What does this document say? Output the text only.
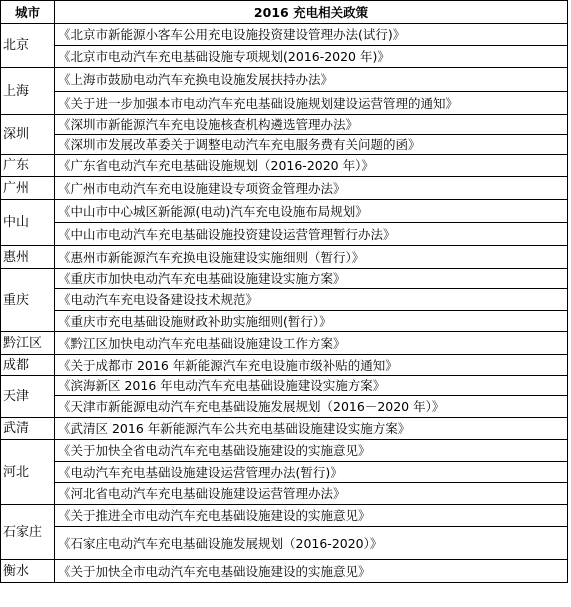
城市	2016 充电相关政策
北京	《北京市新能源小客车公用充电设施投资建设管理办法(试行)》
	《北京市电动汽车充电基础设施专项规划(2016-2020 年)》
上海	《上海市鼓励电动汽车充换电设施发展扶持办法》
	《关于进一步加强本市电动汽车充电基础设施规划建设运营管理的通知》
深圳	《深圳市新能源汽车充电设施核查机构遴选管理办法》
	《深圳市发展改革委关于调整电动汽车充电服务费有关问题的函》
广东	《广东省电动汽车充电基础设施规划（2016-2020 年）》
广州	《广州市电动汽车充电设施建设专项资金管理办法》
中山	《中山市中心城区新能源(电动)汽车充电设施布局规划》
	《中山市电动汽车充电基础设施投资建设运营管理暂行办法》
惠州	《惠州市新能源汽车充换电设施建设实施细则（暂行）》
重庆	《重庆市加快电动汽车充电基础设施建设实施方案》
	《电动汽车充电设备建设技术规范》
	《重庆市充电基础设施财政补助实施细则(暂行）》
黔江区	《黔江区加快电动汽车充电基础设施建设工作方案》
成都	《关于成都市 2016 年新能源汽车充电设施市级补贴的通知》
天津	《滨海新区 2016 年电动汽车充电基础设施建设实施方案》
	《天津市新能源电动汽车充电基础设施发展规划（2016－2020 年）》
武清	《武清区 2016 年新能源汽车公共充电基础设施建设实施方案》
河北	《关于加快全省电动汽车充电基础设施建设的实施意见》
	《电动汽车充电基础设施建设运营管理办法(暂行)》
	《河北省电动汽车充电基础设施建设运营管理办法》
石家庄	《关于推进全市电动汽车充电基础设施建设的实施意见》
	《石家庄电动汽车充电基础设施发展规划（2016-2020）》
衡水	《关于加快全市电动汽车充电基础设施建设的实施意见》
